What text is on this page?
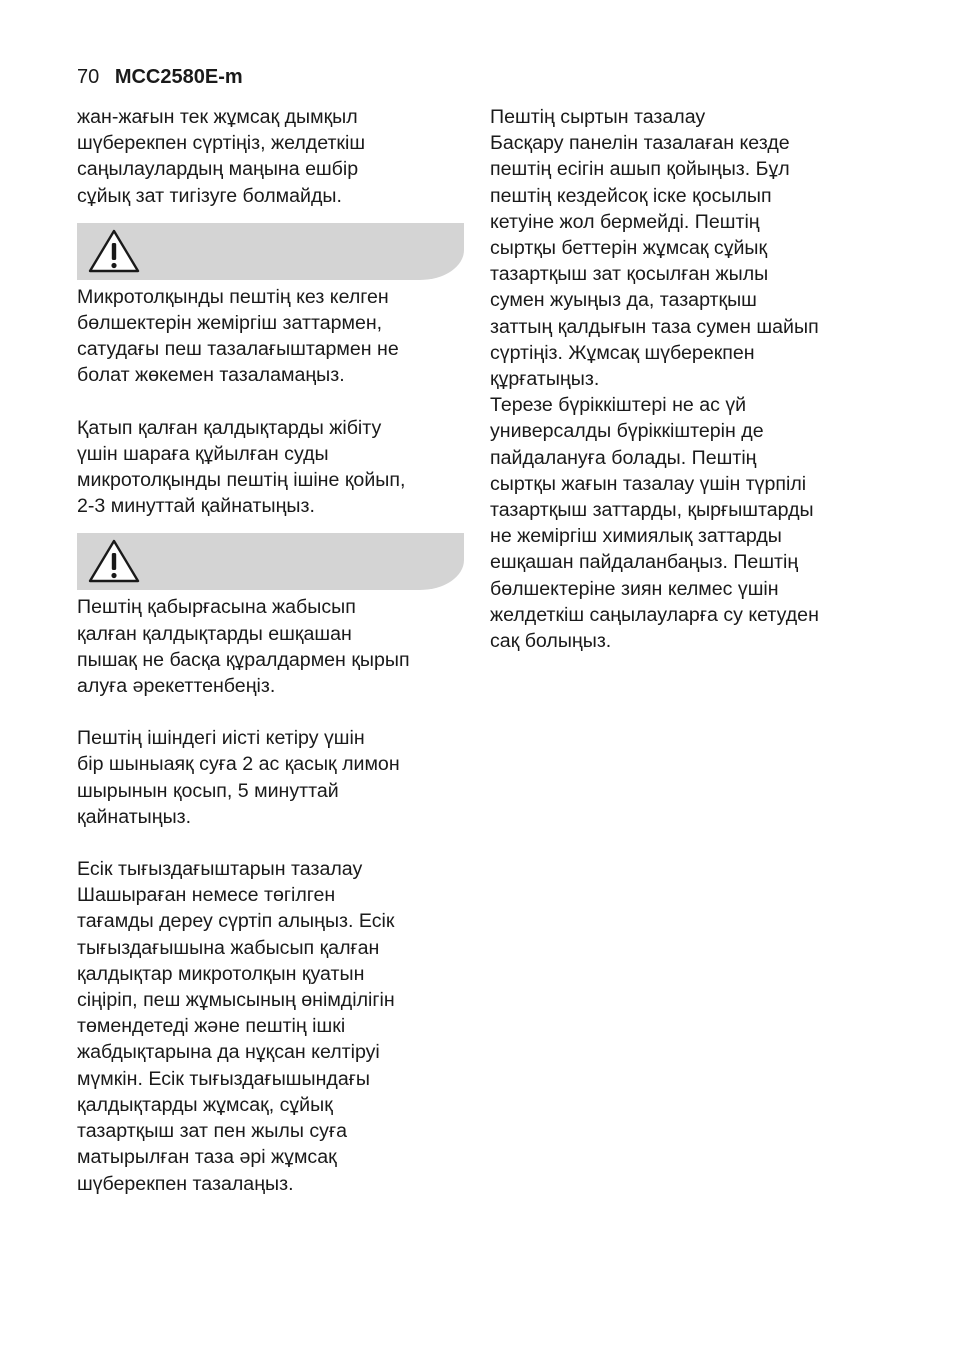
70 MCC2580E-m

жан-жағын тек жұмсақ дымқыл
шүберекпен сүртіңіз, желдеткіш
саңылаулардың маңына ешбір
сұйық зат тигізуге болмайды.

Микротолқынды пештің кез келген
бөлшектерін жемiргiш заттармен,
сатудағы пеш тазалағыштармен не
болат жөкемен тазаламаңыз.

Қатып қалған қалдықтарды жібіту
үшін шараға құйылған суды
микротолқынды пештің ішіне қойып,
2-3 минуттай қайнатыңыз.

Пештің қабырғасына жабысып
қалған қалдықтарды ешқашан
пышақ не басқа құралдармен қырып
алуға әрекеттенбеңіз.

Пештің ішіндегі иісті кетіру үшін
бір шыныаяқ суға 2 ас қасық лимон
шырынын қосып, 5 минуттай
қайнатыңыз.

Есік тығыздағыштарын тазалау

Шашыраған немесе төгілген
тағамды дереу сүртіп алыңыз. Есік
тығыздағышына жабысып қалған
қалдықтар микротолқын қуатын
сіңіріп, пеш жұмысының өнімділігін
төмендетеді және пештің ішкі
жабдықтарына да нұқсан келтіруі
мүмкін. Есік тығыздағышындағы
қалдықтарды жұмсақ, сұйық
тазартқыш зат пен жылы суға
матырылған таза әрі жұмсақ
шүберекпен тазалаңыз.

Пештің сыртын тазалау

Басқару панелін тазалаған кезде
пештің есігін ашып қойыңыз. Бұл
пештің кездейсоқ іске қосылып
кетуіне жол бермейді. Пештің
сыртқы беттерін жұмсақ сұйық
тазартқыш зат қосылған жылы
сумен жуыңыз да, тазартқыш
заттың қалдығын таза сумен шайып
сүртіңіз. Жұмсақ шүберекпен
құрғатыңыз.

Терезе бүріккіштері не ас үй
универсалды бүріккіштерін де
пайдалануға болады. Пештің
сыртқы жағын тазалау үшін түрпілі
тазартқыш заттарды, қырғыштарды
не жемiргiш химиялық заттарды
ешқашан пайдаланбаңыз. Пештің
бөлшектеріне зиян келмес үшін
желдеткіш саңылауларға су кетуден
сақ болыңыз.
